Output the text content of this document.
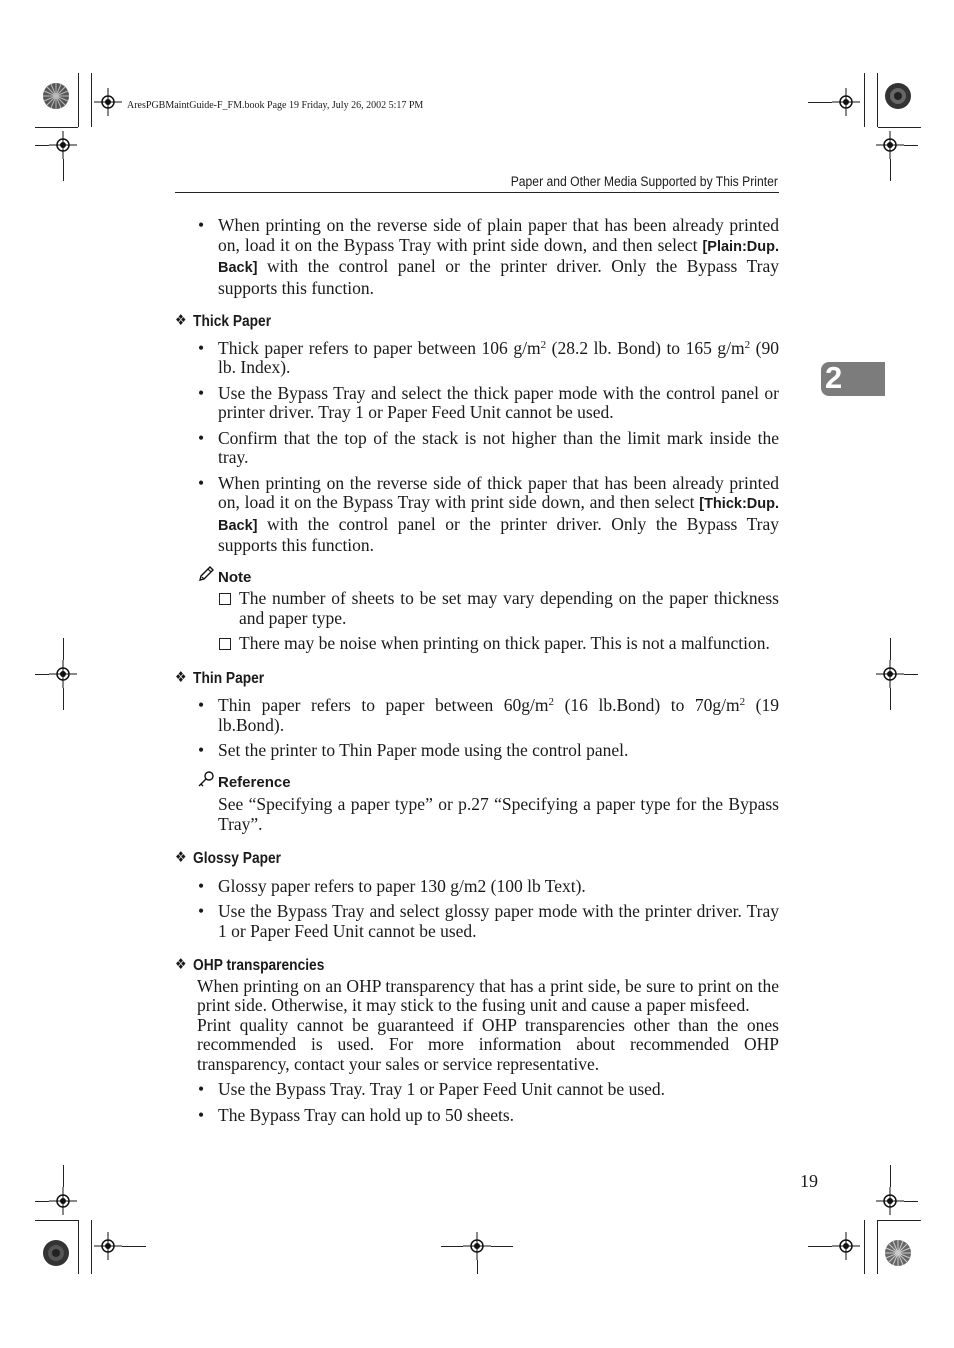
AresPGBMaintGuide-F_FM.book Page 19 Friday, July 26, 2002 5:17 PM
Paper and Other Media Supported by This Printer
2

• When printing on the reverse side of plain paper that has been already printed on, load it on the Bypass Tray with print side down, and then select [Plain:Dup. Back] with the control panel or the printer driver. Only the Bypass Tray supports this function.

❖ Thick Paper

• Thick paper refers to paper between 106 $g/m^2$ (28.2 lb. Bond) to 165 $g/m^2$ (90 lb. Index).

• Use the Bypass Tray and select the thick paper mode with the control panel or printer driver. Tray 1 or Paper Feed Unit cannot be used.

• Confirm that the top of the stack is not higher than the limit mark inside the tray.

• When printing on the reverse side of thick paper that has been already printed on, load it on the Bypass Tray with print side down, and then select [Thick:Dup. Back] with the control panel or the printer driver. Only the Bypass Tray supports this function.

Note

The number of sheets to be set may vary depending on the paper thickness and paper type.

There may be noise when printing on thick paper. This is not a malfunction.

❖ Thin Paper

• Thin paper refers to paper between $60g/m^2$ (16 lb.Bond) to $70g/m^2$ (19 lb.Bond).

• Set the printer to Thin Paper mode using the control panel.

Reference

See “Specifying a paper type” or p.27 “Specifying a paper type for the Bypass Tray”.

❖ Glossy Paper

• Glossy paper refers to paper 130 g/m2 (100 lb Text).

• Use the Bypass Tray and select glossy paper mode with the printer driver. Tray 1 or Paper Feed Unit cannot be used.

❖ OHP transparencies

When printing on an OHP transparency that has a print side, be sure to print on the print side. Otherwise, it may stick to the fusing unit and cause a paper misfeed.

Print quality cannot be guaranteed if OHP transparencies other than the ones recommended is used. For more information about recommended OHP transparency, contact your sales or service representative.

• Use the Bypass Tray. Tray 1 or Paper Feed Unit cannot be used.

• The Bypass Tray can hold up to 50 sheets.

19
